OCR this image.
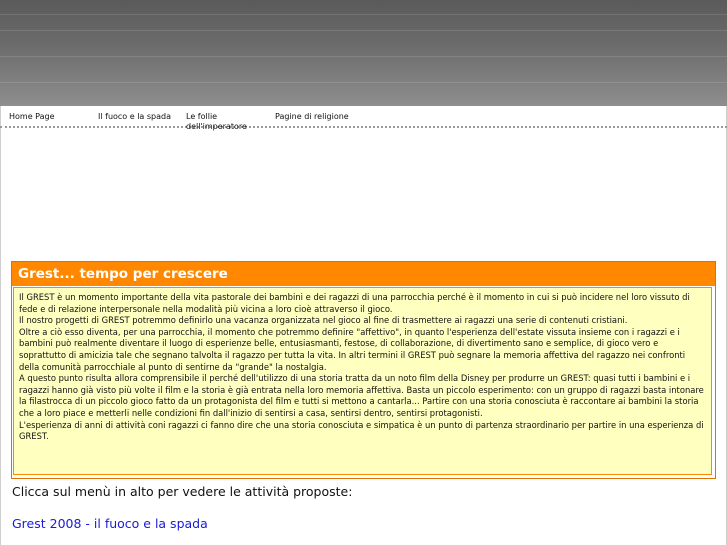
Home Page	Il fuoco e la spada Le follie dell'imperatore
Pagine di religione
Grest... tempo per crescere

Il GREST è un momento importante della vita pastorale dei bambini e dei ragazzi di una parrocchia perché è il momento in cui si può incidere nel loro vissuto di fede e di relazione interpersonale nella modalità più vicina a loro cioè attraverso il gioco.

Il nostro progetti di GREST potremmo definirlo una vacanza organizzata nel gioco al fine di trasmettere ai ragazzi una serie di contenuti cristiani.

Oltre a ciò esso diventa, per una parrocchia, il momento che potremmo definire "affettivo", in quanto l'esperienza dell'estate vissuta insieme con i ragazzi e i bambini può realmente diventare il luogo di esperienze belle, entusiasmanti, festose, di collaborazione, di divertimento sano e semplice, di gioco vero e soprattutto di amicizia tale che segnano talvolta il ragazzo per tutta la vita. In altri termini il GREST può segnare la memoria affettiva del ragazzo nei confronti della comunità parrocchiale al punto di sentirne da "grande" la nostalgia.

A questo punto risulta allora comprensibile il perché dell'utilizzo di una storia tratta da un noto film della Disney per produrre un GREST: quasi tutti i bambini e i ragazzi hanno già visto più volte il film e la storia è già entrata nella loro memoria affettiva. Basta un piccolo esperimento: con un gruppo di ragazzi basta intonare la filastrocca di un piccolo gioco fatto da un protagonista del film e tutti si mettono a cantarla... Partire con una storia conosciuta è raccontare ai bambini la storia che a loro piace e metterli nelle condizioni fin dall'inizio di sentirsi a casa, sentirsi dentro, sentirsi protagonisti.

L'esperienza di anni di attività coni ragazzi ci fanno dire che una storia conosciuta e simpatica è un punto di partenza straordinario per partire in una esperienza di GREST.

Clicca sul menù in alto per vedere le attività proposte:
Grest 2008 - il fuoco e la spada
